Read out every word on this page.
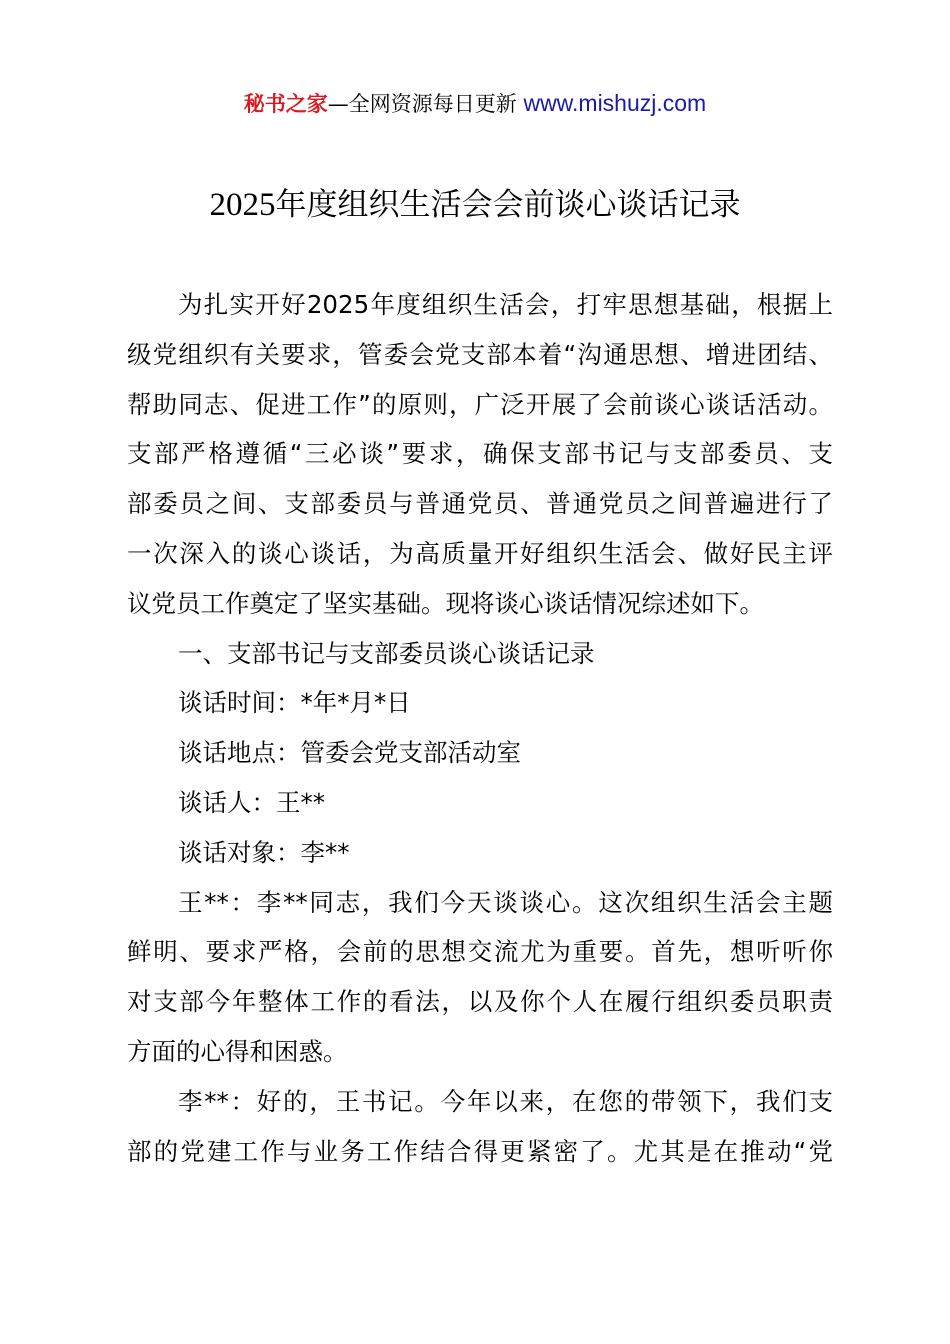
秘书之家—全网资源每日更新 www.mishuzj.com
2025年度组织生活会会前谈心谈话记录
为扎实开好2025年度组织生活会，打牢思想基础，根据上
级党组织有关要求，管委会党支部本着“沟通思想、增进团结、
帮助同志、促进工作”的原则，广泛开展了会前谈心谈话活动。
支部严格遵循“三必谈”要求，确保支部书记与支部委员、支
部委员之间、支部委员与普通党员、普通党员之间普遍进行了
一次深入的谈心谈话，为高质量开好组织生活会、做好民主评
议党员工作奠定了坚实基础。现将谈心谈话情况综述如下。
一、支部书记与支部委员谈心谈话记录
谈话时间：*年*月*日
谈话地点：管委会党支部活动室
谈话人：王**
谈话对象：李**
王**：李**同志，我们今天谈谈心。这次组织生活会主题
鲜明、要求严格，会前的思想交流尤为重要。首先，想听听你
对支部今年整体工作的看法，以及你个人在履行组织委员职责
方面的心得和困惑。
李**：好的，王书记。今年以来，在您的带领下，我们支
部的党建工作与业务工作结合得更紧密了。尤其是在推动“党
